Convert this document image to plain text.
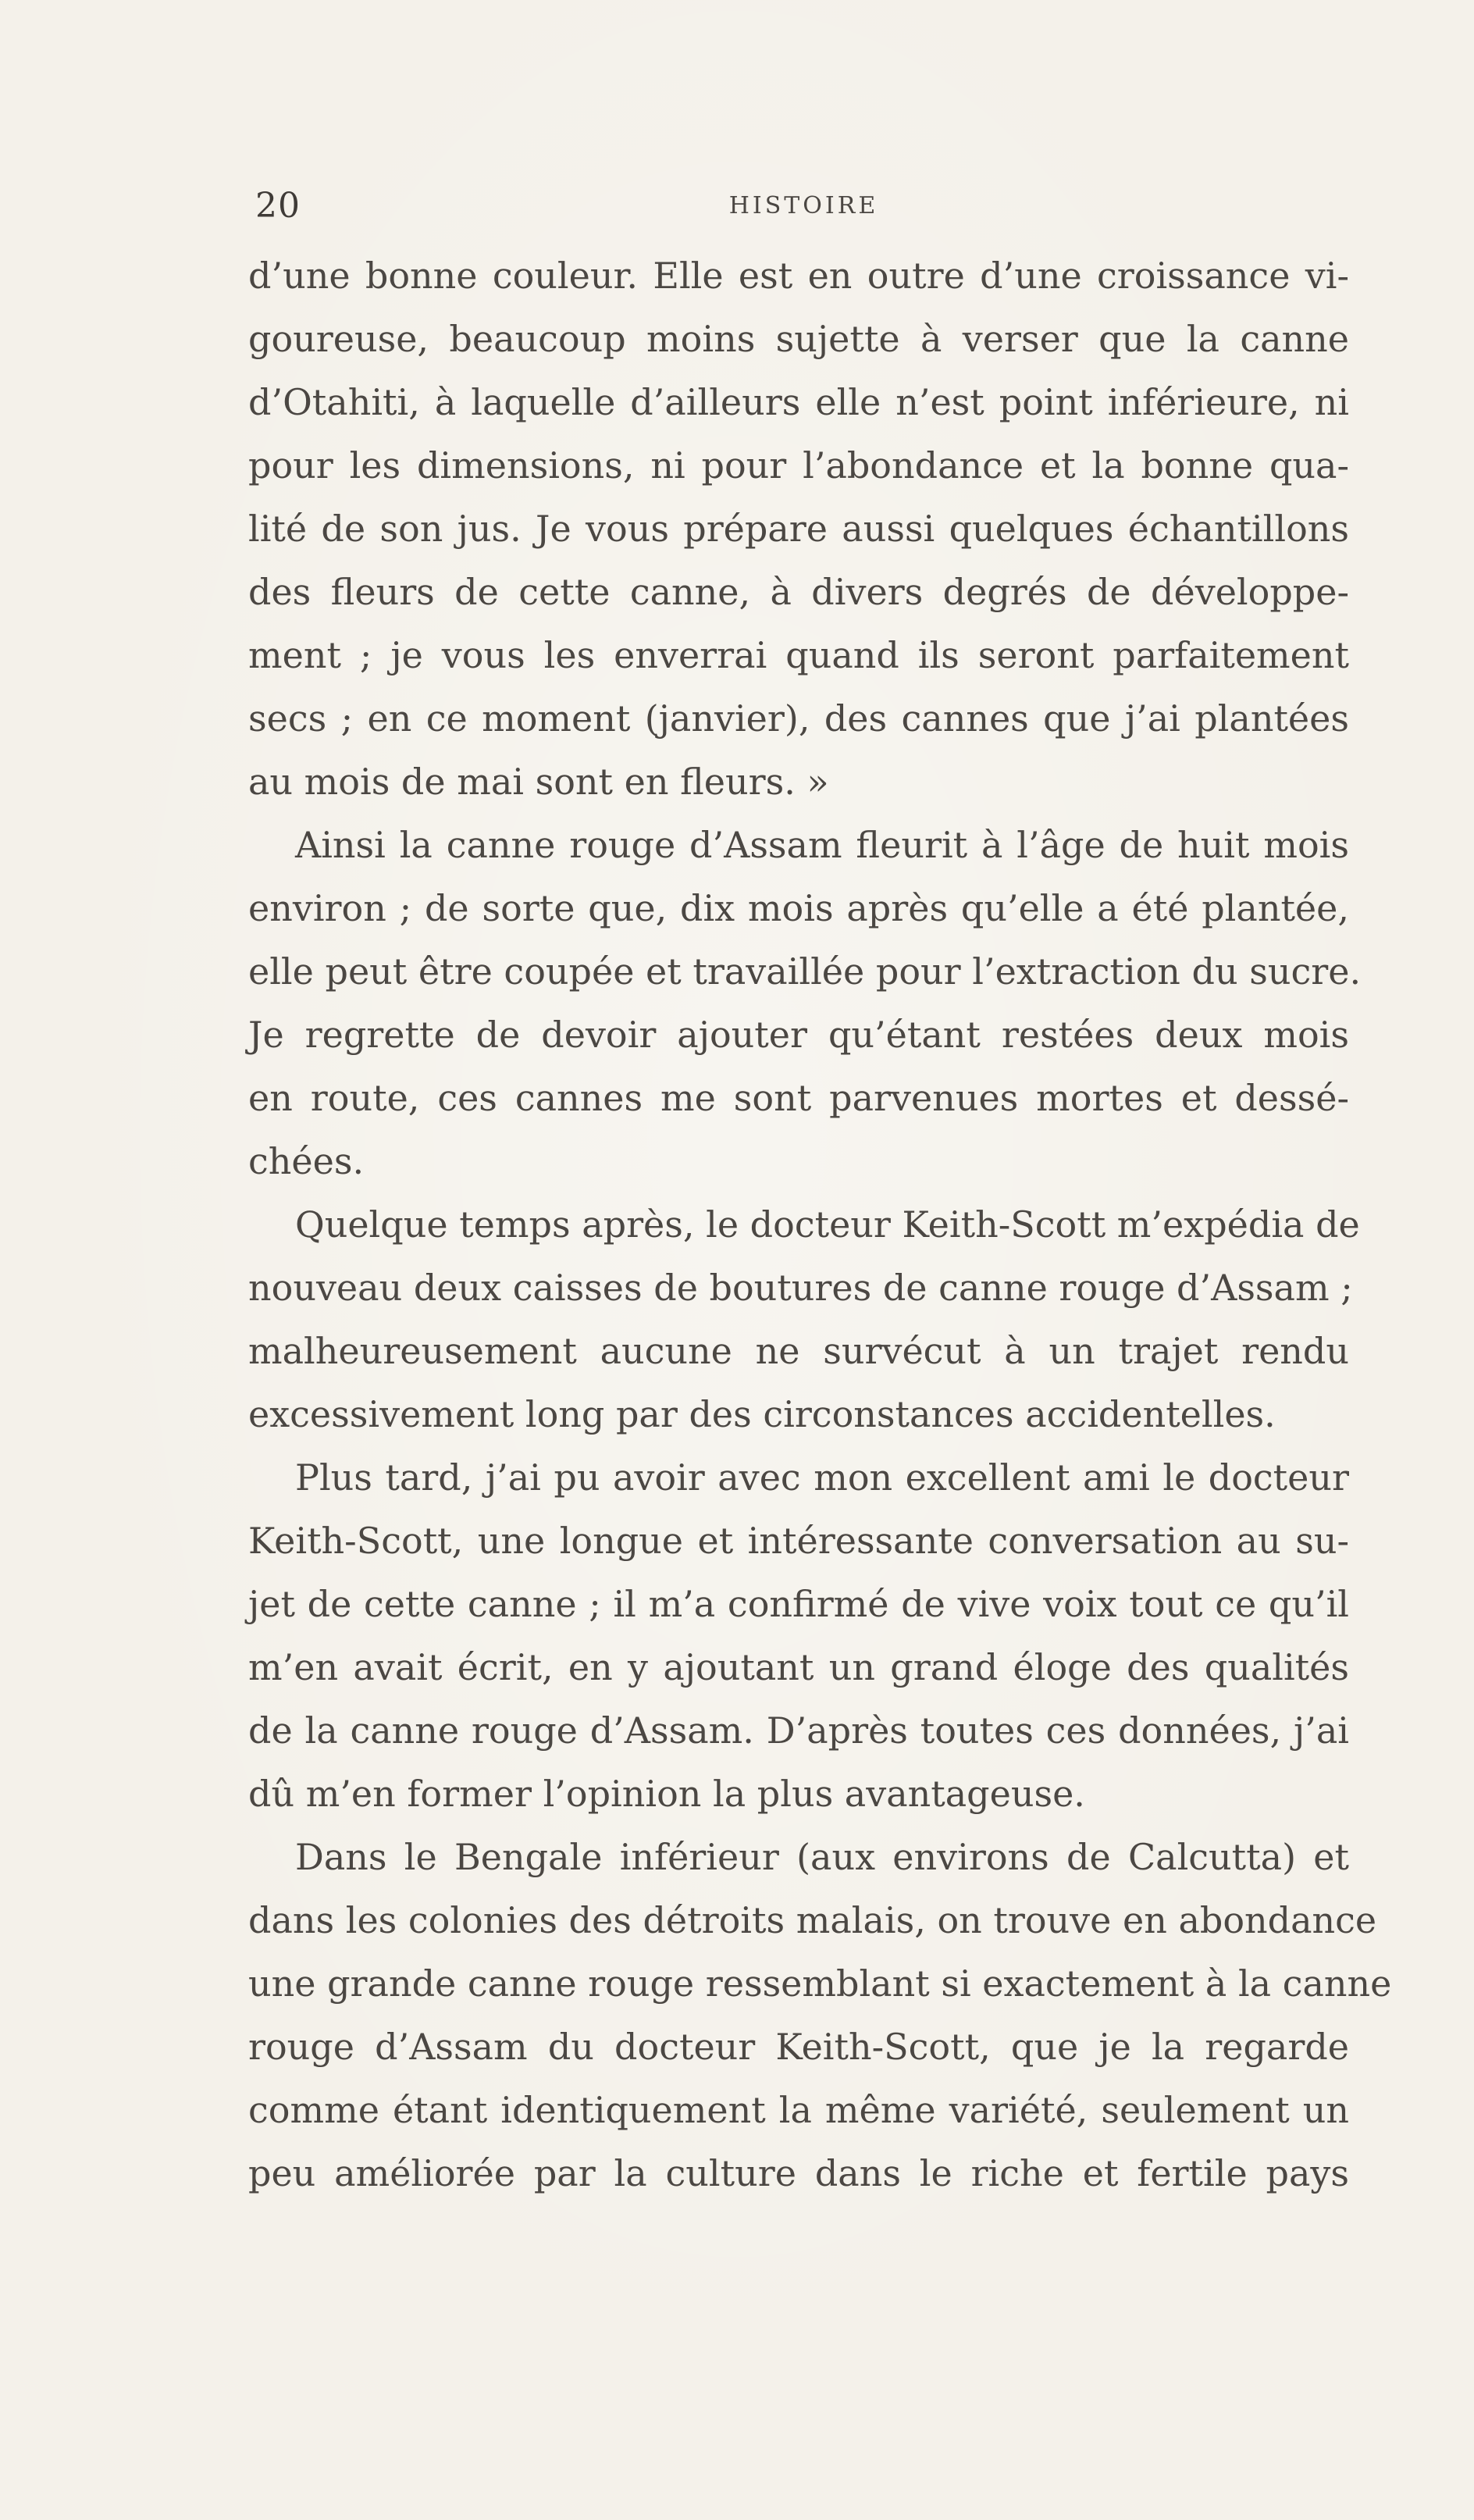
20	HISTOIRE
d’une bonne couleur. Elle est en outre d’une croissance vi-
goureuse, beaucoup moins sujette à verser que la canne
d’Otahiti, à laquelle d’ailleurs elle n’est point inférieure, ni
pour les dimensions, ni pour l’abondance et la bonne qua-
lité de son jus. Je vous prépare aussi quelques échantillons
des fleurs de cette canne, à divers degrés de développe-
ment ; je vous les enverrai quand ils seront parfaitement
secs ; en ce moment (janvier), des cannes que j’ai plantées
au mois de mai sont en fleurs. »
Ainsi la canne rouge d’Assam fleurit à l’âge de huit mois
environ ; de sorte que, dix mois après qu’elle a été plantée,
elle peut être coupée et travaillée pour l’extraction du sucre.
Je regrette de devoir ajouter qu’étant restées deux mois
en route, ces cannes me sont parvenues mortes et dessé-
chées.
Quelque temps après, le docteur Keith-Scott m’expédia de
nouveau deux caisses de boutures de canne rouge d’Assam ;
malheureusement aucune ne survécut à un trajet rendu
excessivement long par des circonstances accidentelles.
Plus tard, j’ai pu avoir avec mon excellent ami le docteur
Keith-Scott, une longue et intéressante conversation au su-
jet de cette canne ; il m’a confirmé de vive voix tout ce qu’il
m’en avait écrit, en y ajoutant un grand éloge des qualités
de la canne rouge d’Assam. D’après toutes ces données, j’ai
dû m’en former l’opinion la plus avantageuse.
Dans le Bengale inférieur (aux environs de Calcutta) et
dans les colonies des détroits malais, on trouve en abondance
une grande canne rouge ressemblant si exactement à la canne
rouge d’Assam du docteur Keith-Scott, que je la regarde
comme étant identiquement la même variété, seulement un
peu améliorée par la culture dans le riche et fertile pays
